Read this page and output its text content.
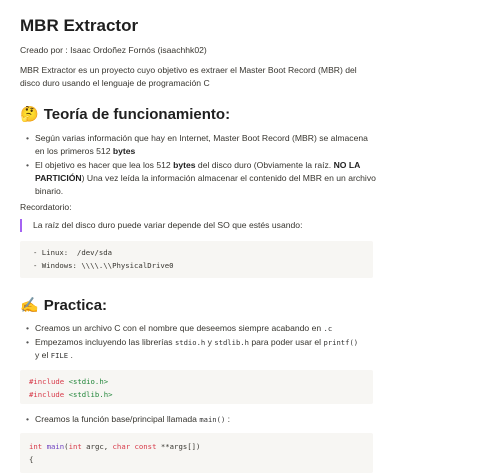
MBR Extractor
Creado por : Isaac Ordoñez Fornós (isaachhk02)
MBR Extractor es un proyecto cuyo objetivo es extraer el Master Boot Record (MBR) del
disco duro usando el lenguaje de programación C
🤔 Teoría de funcionamiento:
• Según varias información que hay en Internet, Master Boot Record (MBR) se almacena
en los primeros 512 bytes
• El objetivo es hacer que lea los 512 bytes del disco duro (Obviamente la raíz. NO LA
PARTICIÓN) Una vez leída la información almacenar el contenido del MBR en un archivo
binario.
Recordatorio:
La raíz del disco duro puede variar depende del SO que estés usando:
- Linux:  /dev/sda
- Windows: \\\\.\\PhysicalDrive0
✍️ Practica:
• Creamos un archivo C con el nombre que deseemos siempre acabando en .c
• Empezamos incluyendo las librerías stdio.h y stdlib.h para poder usar el printf()
y el FILE .
#include <stdio.h>
#include <stdlib.h>
• Creamos la función base/principal llamada main() :
int main(int argc, char const **args[])
{
